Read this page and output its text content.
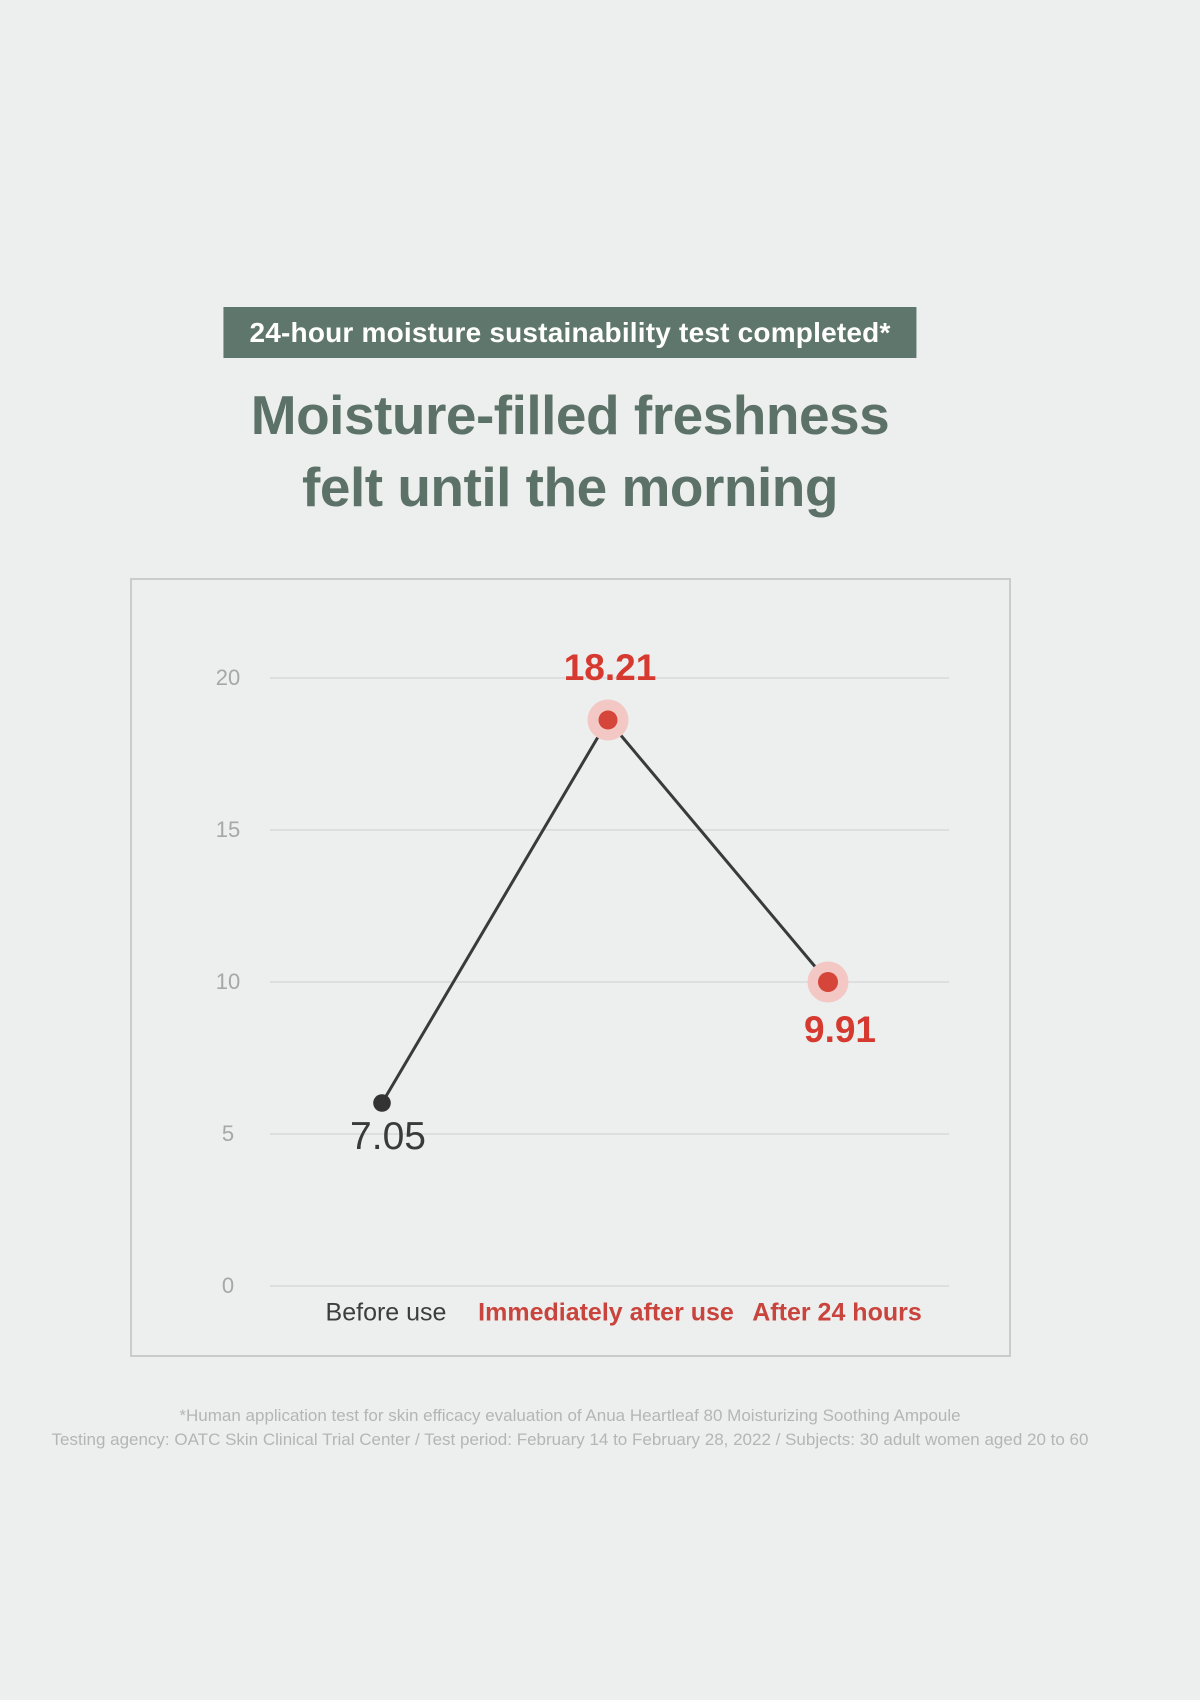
24-hour moisture sustainability test completed*
Moisture-filled freshness
felt until the morning
20
15
10
5
0
18.21
9.91
7.05
Before use Immediately after use After 24 hours
*Human application test for skin efficacy evaluation of Anua Heartleaf 80 Moisturizing Soothing Ampoule
Testing agency: OATC Skin Clinical Trial Center / Test period: February 14 to February 28, 2022 / Subjects: 30 adult women aged 20 to 60
